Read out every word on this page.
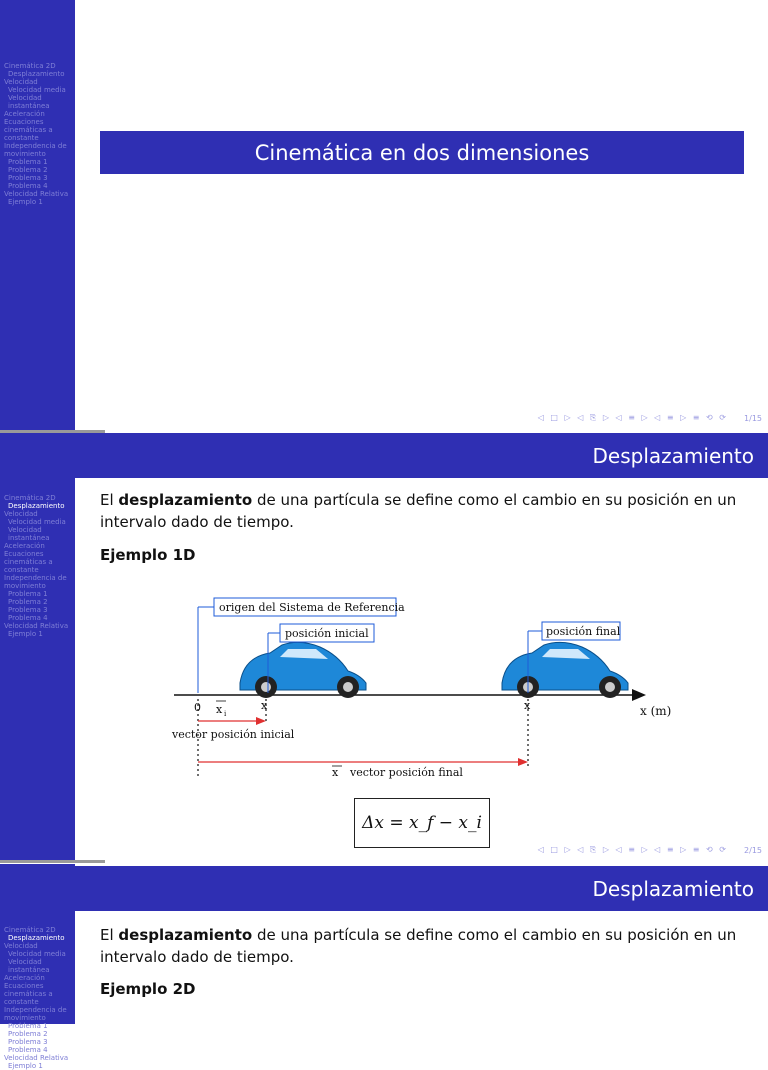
Cinemática 2D
Desplazamiento
Velocidad
Velocidad media
Velocidad instantánea
Aceleración
Ecuaciones cinemáticas a constante
Independencia de movimiento
Problema 1
Problema 2
Problema 3
Problema 4
Velocidad Relativa
Ejemplo 1
Cinemática en dos dimensiones
◁ □ ▷ ◁ ⎘ ▷ ◁ ≡ ▷ ◁ ≡ ▷ ≡ ⟲ ⟳ 1/15
Cinemática 2D
Desplazamiento
Velocidad
Velocidad media
Velocidad instantánea
Aceleración
Ecuaciones cinemáticas a constante
Independencia de movimiento
Problema 1
Problema 2
Problema 3
Problema 4
Velocidad Relativa
Ejemplo 1
Desplazamiento
El desplazamiento de una partícula se define como el cambio en su posición en un intervalo dado de tiempo.
Ejemplo 1D
origen del Sistema de Referencia
posición inicial	posición final
0 x i
x	x	x (m)
vector posición inicial
x vector posición final
Δx = x_f − x_i
◁ □ ▷ ◁ ⎘ ▷ ◁ ≡ ▷ ◁ ≡ ▷ ≡ ⟲ ⟳ 2/15
Cinemática 2D
Desplazamiento
Velocidad
Velocidad media
Velocidad instantánea
Aceleración
Ecuaciones cinemáticas a constante
Independencia de movimiento
Problema 1
Problema 2
Problema 3
Problema 4
Velocidad Relativa
Ejemplo 1
Desplazamiento
El desplazamiento de una partícula se define como el cambio en su posición en un intervalo dado de tiempo.
Ejemplo 2D
